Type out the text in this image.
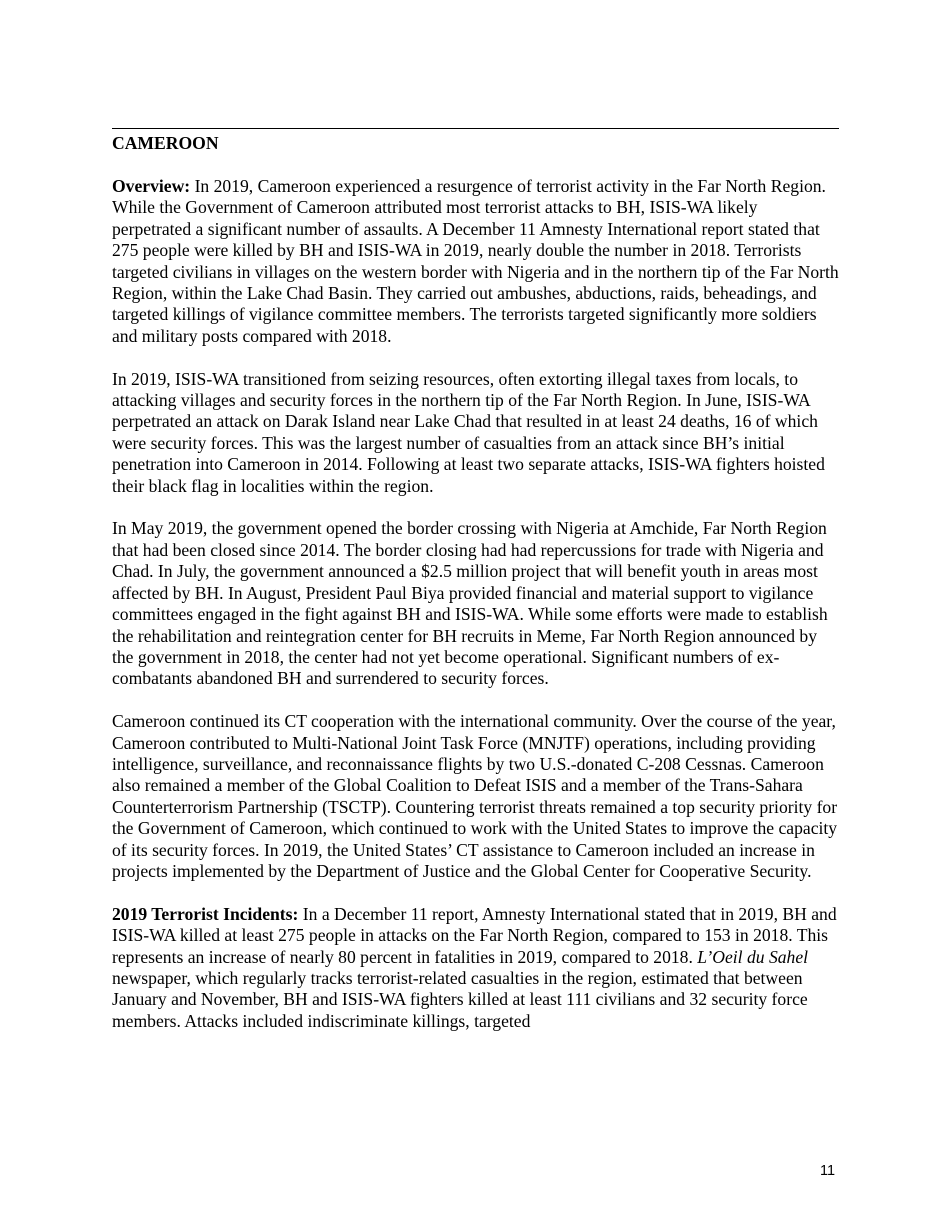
CAMEROON

Overview: In 2019, Cameroon experienced a resurgence of terrorist activity in the Far North Region. While the Government of Cameroon attributed most terrorist attacks to BH, ISIS-WA likely perpetrated a significant number of assaults. A December 11 Amnesty International report stated that 275 people were killed by BH and ISIS-WA in 2019, nearly double the number in 2018. Terrorists targeted civilians in villages on the western border with Nigeria and in the northern tip of the Far North Region, within the Lake Chad Basin. They carried out ambushes, abductions, raids, beheadings, and targeted killings of vigilance committee members. The terrorists targeted significantly more soldiers and military posts compared with 2018.

In 2019, ISIS-WA transitioned from seizing resources, often extorting illegal taxes from locals, to attacking villages and security forces in the northern tip of the Far North Region. In June, ISIS-WA perpetrated an attack on Darak Island near Lake Chad that resulted in at least 24 deaths, 16 of which were security forces. This was the largest number of casualties from an attack since BH’s initial penetration into Cameroon in 2014. Following at least two separate attacks, ISIS-WA fighters hoisted their black flag in localities within the region.

In May 2019, the government opened the border crossing with Nigeria at Amchide, Far North Region that had been closed since 2014. The border closing had had repercussions for trade with Nigeria and Chad. In July, the government announced a $2.5 million project that will benefit youth in areas most affected by BH. In August, President Paul Biya provided financial and material support to vigilance committees engaged in the fight against BH and ISIS-WA. While some efforts were made to establish the rehabilitation and reintegration center for BH recruits in Meme, Far North Region announced by the government in 2018, the center had not yet become operational. Significant numbers of ex-combatants abandoned BH and surrendered to security forces.

Cameroon continued its CT cooperation with the international community. Over the course of the year, Cameroon contributed to Multi-National Joint Task Force (MNJTF) operations, including providing intelligence, surveillance, and reconnaissance flights by two U.S.-donated C-208 Cessnas. Cameroon also remained a member of the Global Coalition to Defeat ISIS and a member of the Trans-Sahara Counterterrorism Partnership (TSCTP). Countering terrorist threats remained a top security priority for the Government of Cameroon, which continued to work with the United States to improve the capacity of its security forces. In 2019, the United States’ CT assistance to Cameroon included an increase in projects implemented by the Department of Justice and the Global Center for Cooperative Security.

2019 Terrorist Incidents: In a December 11 report, Amnesty International stated that in 2019, BH and ISIS-WA killed at least 275 people in attacks on the Far North Region, compared to 153 in 2018. This represents an increase of nearly 80 percent in fatalities in 2019, compared to 2018. L’Oeil du Sahel newspaper, which regularly tracks terrorist-related casualties in the region, estimated that between January and November, BH and ISIS-WA fighters killed at least 111 civilians and 32 security force members. Attacks included indiscriminate killings, targeted

11
